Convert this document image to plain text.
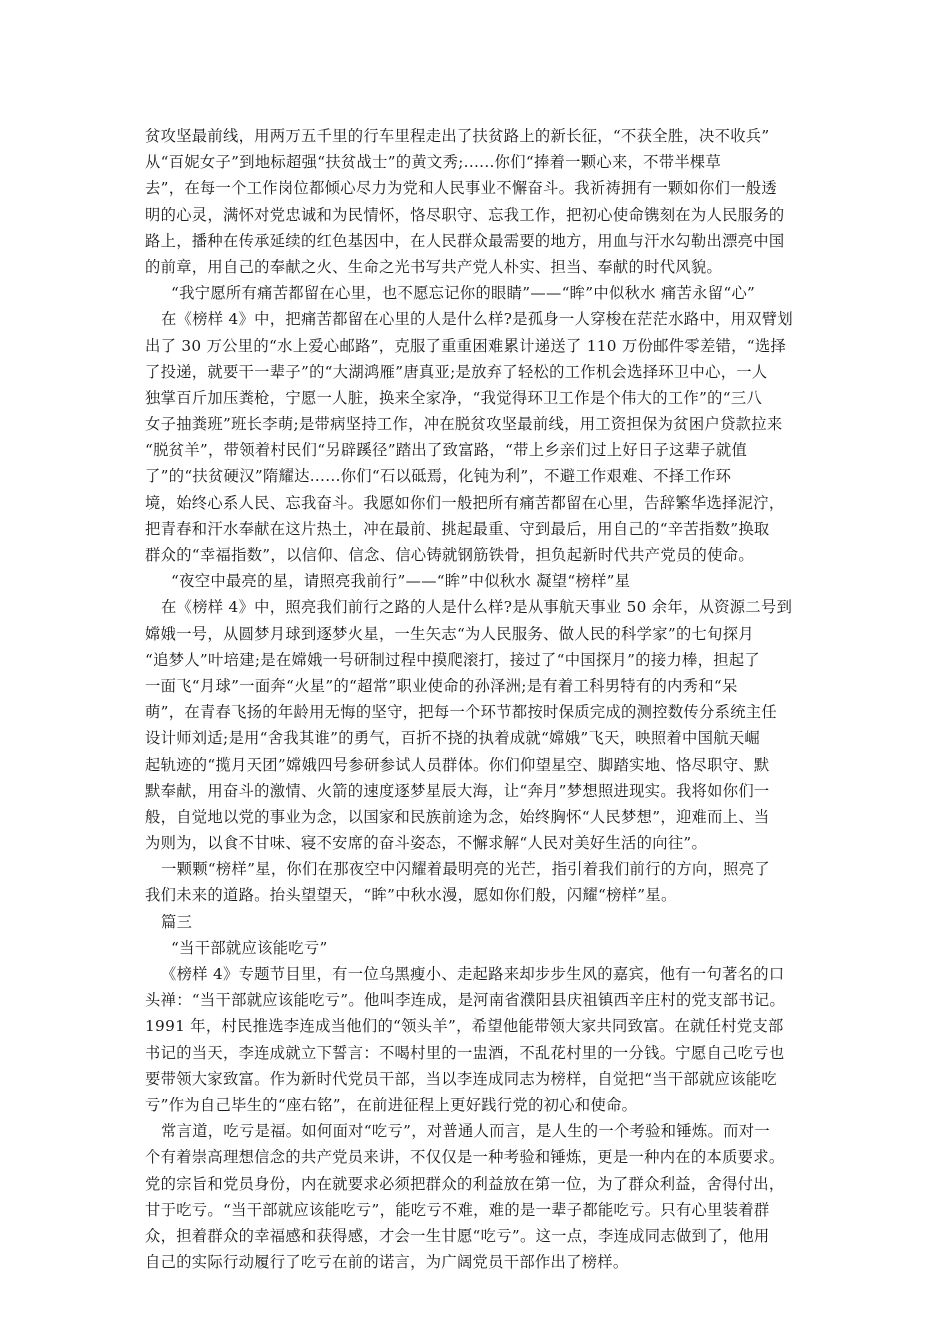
贫攻坚最前线，用两万五千里的行车里程走出了扶贫路上的新长征，“不获全胜，决不收兵”
从“百妮女子”到地标超强“扶贫战士”的黄文秀;......你们“捧着一颗心来，不带半棵草
去”，在每一个工作岗位都倾心尽力为党和人民事业不懈奋斗。我祈祷拥有一颗如你们一般透
明的心灵，满怀对党忠诚和为民情怀，恪尽职守、忘我工作，把初心使命镌刻在为人民服务的
路上，播种在传承延续的红色基因中，在人民群众最需要的地方，用血与汗水勾勒出漂亮中国
的前章，用自己的奉献之火、生命之光书写共产党人朴实、担当、奉献的时代风貌。
“我宁愿所有痛苦都留在心里，也不愿忘记你的眼睛”——“眸”中似秋水 痛苦永留“心”
在《榜样 4》中，把痛苦都留在心里的人是什么样?是孤身一人穿梭在茫茫水路中，用双臂划
出了 30 万公里的“水上爱心邮路”，克服了重重困难累计递送了 110 万份邮件零差错，“选择
了投递，就要干一辈子”的“大湖鸿雁”唐真亚;是放弃了轻松的工作机会选择环卫中心，一人
独掌百斤加压粪枪，宁愿一人脏，换来全家净，“我觉得环卫工作是个伟大的工作”的“三八
女子抽粪班”班长李萌;是带病坚持工作，冲在脱贫攻坚最前线，用工资担保为贫困户贷款拉来
“脱贫羊”，带领着村民们“另辟蹊径”踏出了致富路，“带上乡亲们过上好日子这辈子就值
了”的“扶贫硬汉”隋耀达......你们“石以砥焉，化钝为利”，不避工作艰难、不择工作环
境，始终心系人民、忘我奋斗。我愿如你们一般把所有痛苦都留在心里，告辞繁华选择泥泞，
把青春和汗水奉献在这片热土，冲在最前、挑起最重、守到最后，用自己的“辛苦指数”换取
群众的“幸福指数”，以信仰、信念、信心铸就钢筋铁骨，担负起新时代共产党员的使命。
“夜空中最亮的星，请照亮我前行”——“眸”中似秋水 凝望“榜样”星
在《榜样 4》中，照亮我们前行之路的人是什么样?是从事航天事业 50 余年，从资源二号到
嫦娥一号，从圆梦月球到逐梦火星，一生矢志“为人民服务、做人民的科学家”的七旬探月
“追梦人”叶培建;是在嫦娥一号研制过程中摸爬滚打，接过了“中国探月”的接力棒，担起了
一面飞“月球”一面奔“火星”的“超常”职业使命的孙泽洲;是有着工科男特有的内秀和“呆
萌”，在青春飞扬的年龄用无悔的坚守，把每一个环节都按时保质完成的测控数传分系统主任
设计师刘适;是用“舍我其谁”的勇气，百折不挠的执着成就“嫦娥”飞天，映照着中国航天崛
起轨迹的“揽月天团”嫦娥四号参研参试人员群体。你们仰望星空、脚踏实地、恪尽职守、默
默奉献，用奋斗的激情、火箭的速度逐梦星辰大海，让“奔月”梦想照进现实。我将如你们一
般，自觉地以党的事业为念，以国家和民族前途为念，始终胸怀“人民梦想”，迎难而上、当
为则为，以食不甘味、寝不安席的奋斗姿态，不懈求解“人民对美好生活的向往”。
一颗颗“榜样”星，你们在那夜空中闪耀着最明亮的光芒，指引着我们前行的方向，照亮了
我们未来的道路。抬头望望天，“眸”中秋水漫，愿如你们般，闪耀“榜样”星。
篇三
“当干部就应该能吃亏”
《榜样 4》专题节目里，有一位乌黑瘦小、走起路来却步步生风的嘉宾，他有一句著名的口
头禅：“当干部就应该能吃亏”。他叫李连成，是河南省濮阳县庆祖镇西辛庄村的党支部书记。
1991 年，村民推选李连成当他们的“领头羊”，希望他能带领大家共同致富。在就任村党支部
书记的当天，李连成就立下誓言：不喝村里的一盅酒，不乱花村里的一分钱。宁愿自己吃亏也
要带领大家致富。作为新时代党员干部，当以李连成同志为榜样，自觉把“当干部就应该能吃
亏”作为自己毕生的“座右铭”，在前进征程上更好践行党的初心和使命。
常言道，吃亏是福。如何面对“吃亏”，对普通人而言，是人生的一个考验和锤炼。而对一
个有着崇高理想信念的共产党员来讲，不仅仅是一种考验和锤炼，更是一种内在的本质要求。
党的宗旨和党员身份，内在就要求必须把群众的利益放在第一位，为了群众利益，舍得付出，
甘于吃亏。“当干部就应该能吃亏”，能吃亏不难，难的是一辈子都能吃亏。只有心里装着群
众，担着群众的幸福感和获得感，才会一生甘愿“吃亏”。这一点，李连成同志做到了，他用
自己的实际行动履行了吃亏在前的诺言，为广阔党员干部作出了榜样。
